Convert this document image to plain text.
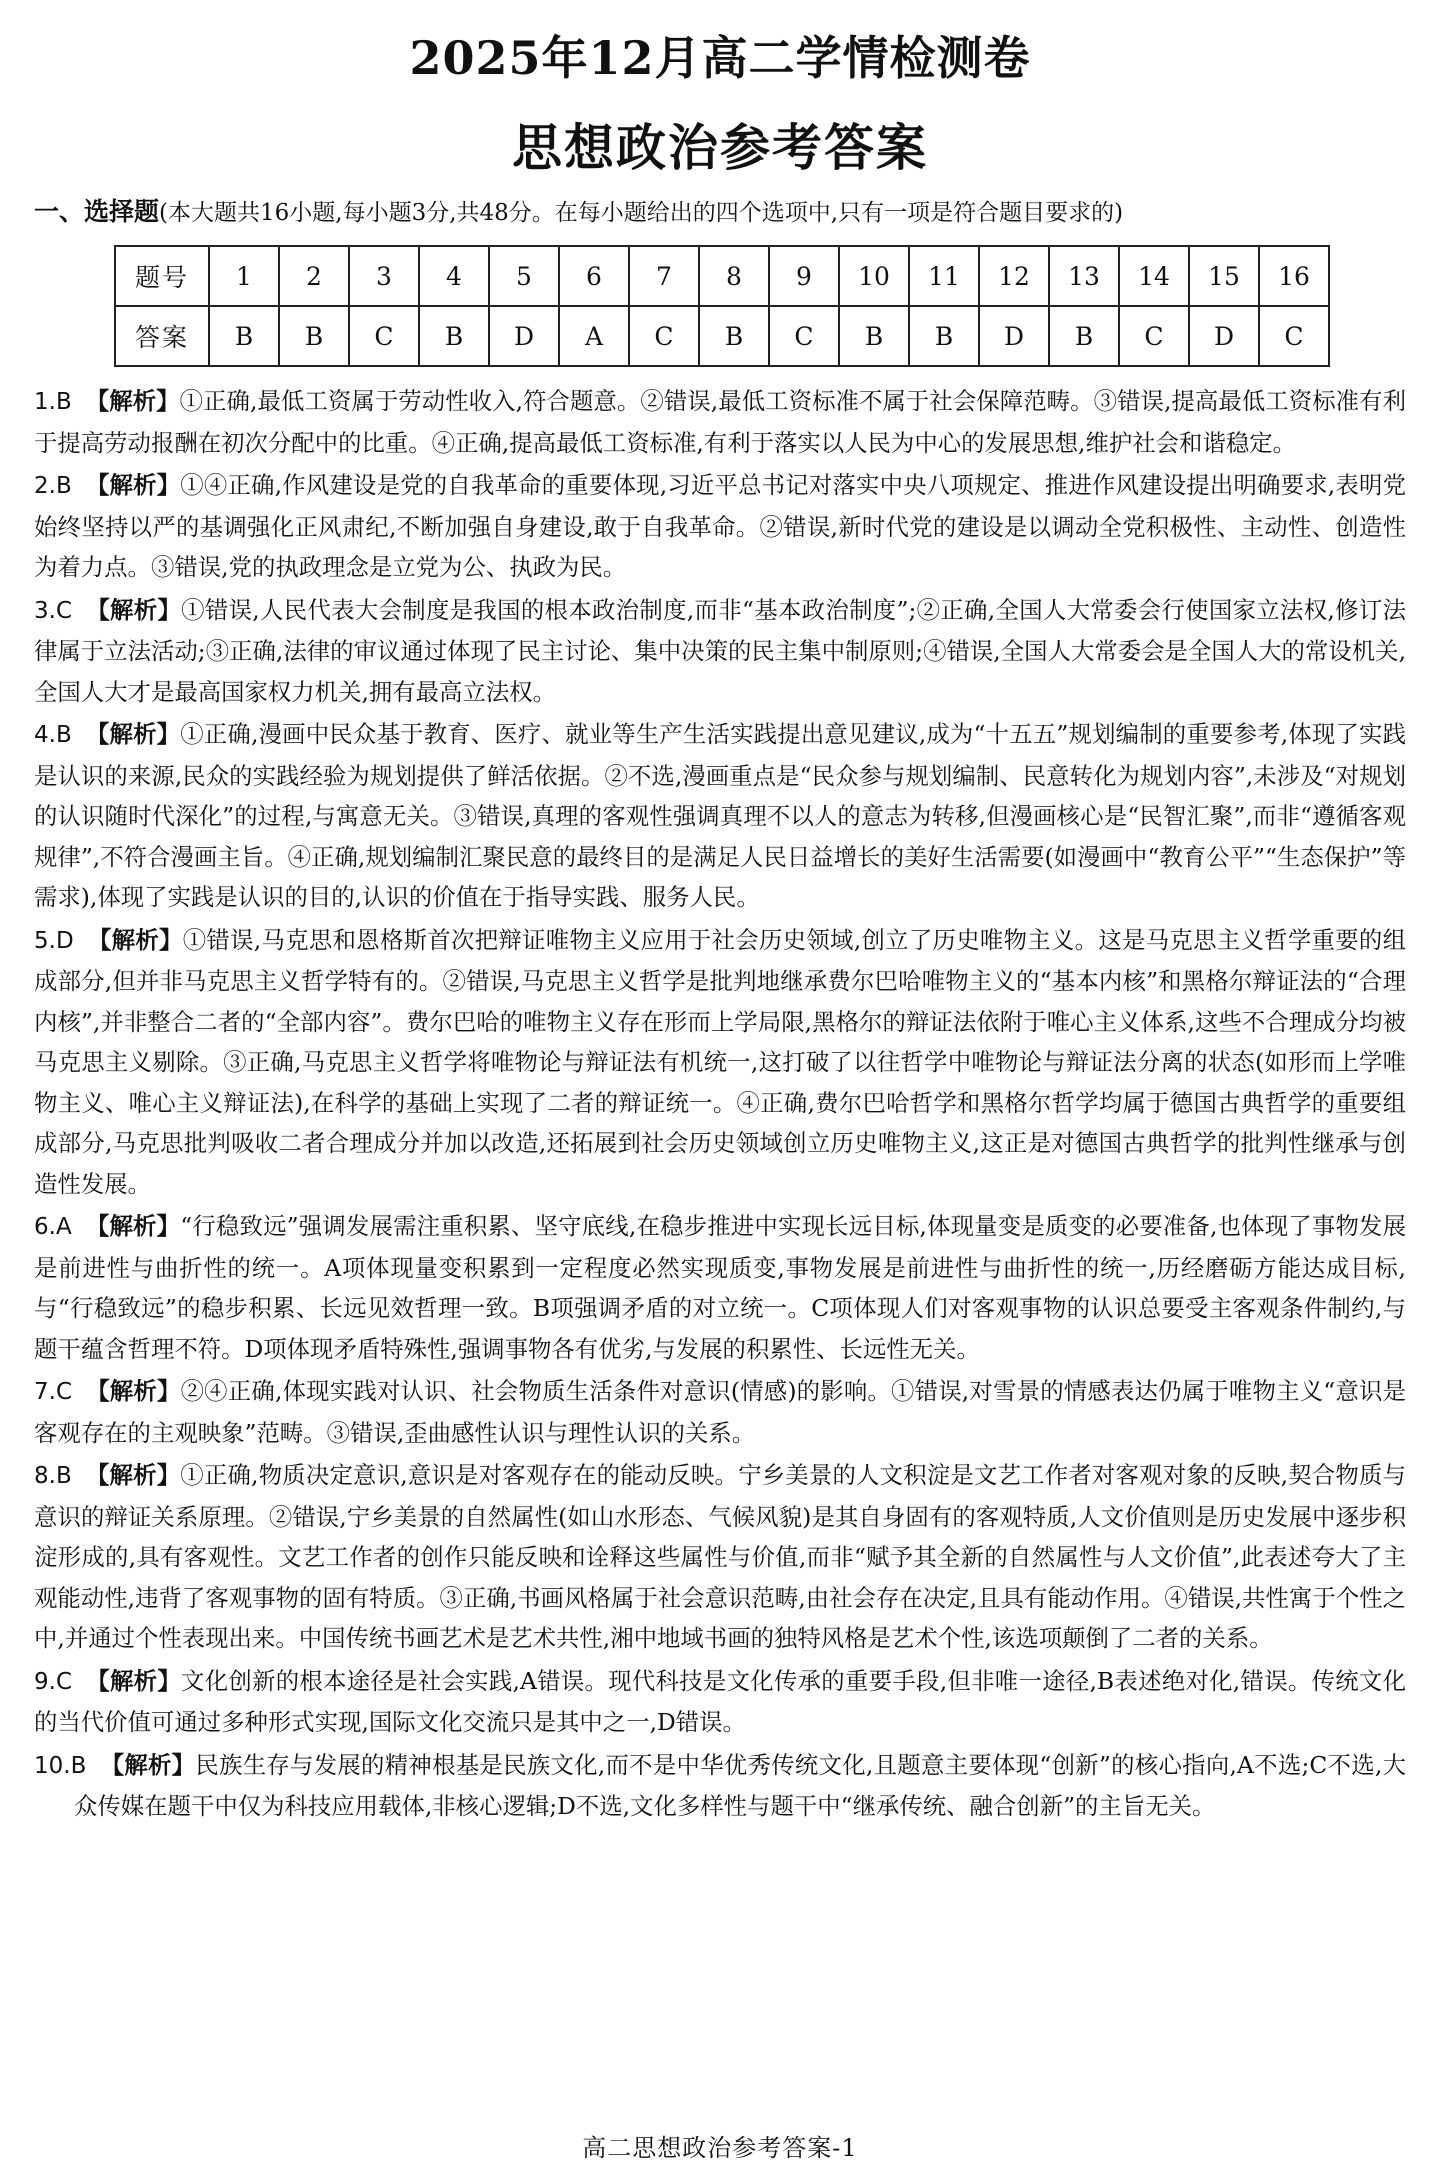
2025年12月高二学情检测卷
思想政治参考答案
一、选择题(本大题共16小题,每小题3分,共48分。在每小题给出的四个选项中,只有一项是符合题目要求的)
题号	1	2	3	4	5	6	7	8	9	10	11	12	13	14	15	16
答案	B	B	C	B	D	A	C	B	C	B	B	D	B	C	D	C

1.B 【解析】①正确,最低工资属于劳动性收入,符合题意。②错误,最低工资标准不属于社会保障范畴。③错误,提高最低工资标准有利于提高劳动报酬在初次分配中的比重。④正确,提高最低工资标准,有利于落实以人民为中心的发展思想,维护社会和谐稳定。

2.B 【解析】①④正确,作风建设是党的自我革命的重要体现,习近平总书记对落实中央八项规定、推进作风建设提出明确要求,表明党始终坚持以严的基调强化正风肃纪,不断加强自身建设,敢于自我革命。②错误,新时代党的建设是以调动全党积极性、主动性、创造性为着力点。③错误,党的执政理念是立党为公、执政为民。

3.C 【解析】①错误,人民代表大会制度是我国的根本政治制度,而非“基本政治制度”;②正确,全国人大常委会行使国家立法权,修订法律属于立法活动;③正确,法律的审议通过体现了民主讨论、集中决策的民主集中制原则;④错误,全国人大常委会是全国人大的常设机关,全国人大才是最高国家权力机关,拥有最高立法权。

4.B 【解析】①正确,漫画中民众基于教育、医疗、就业等生产生活实践提出意见建议,成为“十五五”规划编制的重要参考,体现了实践是认识的来源,民众的实践经验为规划提供了鲜活依据。②不选,漫画重点是“民众参与规划编制、民意转化为规划内容”,未涉及“对规划的认识随时代深化”的过程,与寓意无关。③错误,真理的客观性强调真理不以人的意志为转移,但漫画核心是“民智汇聚”,而非“遵循客观规律”,不符合漫画主旨。④正确,规划编制汇聚民意的最终目的是满足人民日益增长的美好生活需要(如漫画中“教育公平”“生态保护”等需求),体现了实践是认识的目的,认识的价值在于指导实践、服务人民。

5.D 【解析】①错误,马克思和恩格斯首次把辩证唯物主义应用于社会历史领域,创立了历史唯物主义。这是马克思主义哲学重要的组成部分,但并非马克思主义哲学特有的。②错误,马克思主义哲学是批判地继承费尔巴哈唯物主义的“基本内核”和黑格尔辩证法的“合理内核”,并非整合二者的“全部内容”。费尔巴哈的唯物主义存在形而上学局限,黑格尔的辩证法依附于唯心主义体系,这些不合理成分均被马克思主义剔除。③正确,马克思主义哲学将唯物论与辩证法有机统一,这打破了以往哲学中唯物论与辩证法分离的状态(如形而上学唯物主义、唯心主义辩证法),在科学的基础上实现了二者的辩证统一。④正确,费尔巴哈哲学和黑格尔哲学均属于德国古典哲学的重要组成部分,马克思批判吸收二者合理成分并加以改造,还拓展到社会历史领域创立历史唯物主义,这正是对德国古典哲学的批判性继承与创造性发展。

6.A 【解析】“行稳致远”强调发展需注重积累、坚守底线,在稳步推进中实现长远目标,体现量变是质变的必要准备,也体现了事物发展是前进性与曲折性的统一。A项体现量变积累到一定程度必然实现质变,事物发展是前进性与曲折性的统一,历经磨砺方能达成目标,与“行稳致远”的稳步积累、长远见效哲理一致。B项强调矛盾的对立统一。C项体现人们对客观事物的认识总要受主客观条件制约,与题干蕴含哲理不符。D项体现矛盾特殊性,强调事物各有优劣,与发展的积累性、长远性无关。

7.C 【解析】②④正确,体现实践对认识、社会物质生活条件对意识(情感)的影响。①错误,对雪景的情感表达仍属于唯物主义“意识是客观存在的主观映象”范畴。③错误,歪曲感性认识与理性认识的关系。

8.B 【解析】①正确,物质决定意识,意识是对客观存在的能动反映。宁乡美景的人文积淀是文艺工作者对客观对象的反映,契合物质与意识的辩证关系原理。②错误,宁乡美景的自然属性(如山水形态、气候风貌)是其自身固有的客观特质,人文价值则是历史发展中逐步积淀形成的,具有客观性。文艺工作者的创作只能反映和诠释这些属性与价值,而非“赋予其全新的自然属性与人文价值”,此表述夸大了主观能动性,违背了客观事物的固有特质。③正确,书画风格属于社会意识范畴,由社会存在决定,且具有能动作用。④错误,共性寓于个性之中,并通过个性表现出来。中国传统书画艺术是艺术共性,湘中地域书画的独特风格是艺术个性,该选项颠倒了二者的关系。

9.C 【解析】文化创新的根本途径是社会实践,A错误。现代科技是文化传承的重要手段,但非唯一途径,B表述绝对化,错误。传统文化的当代价值可通过多种形式实现,国际文化交流只是其中之一,D错误。

10.B 【解析】民族生存与发展的精神根基是民族文化,而不是中华优秀传统文化,且题意主要体现“创新”的核心指向,A不选;C不选,大众传媒在题干中仅为科技应用载体,非核心逻辑;D不选,文化多样性与题干中“继承传统、融合创新”的主旨无关。

高二思想政治参考答案-1
